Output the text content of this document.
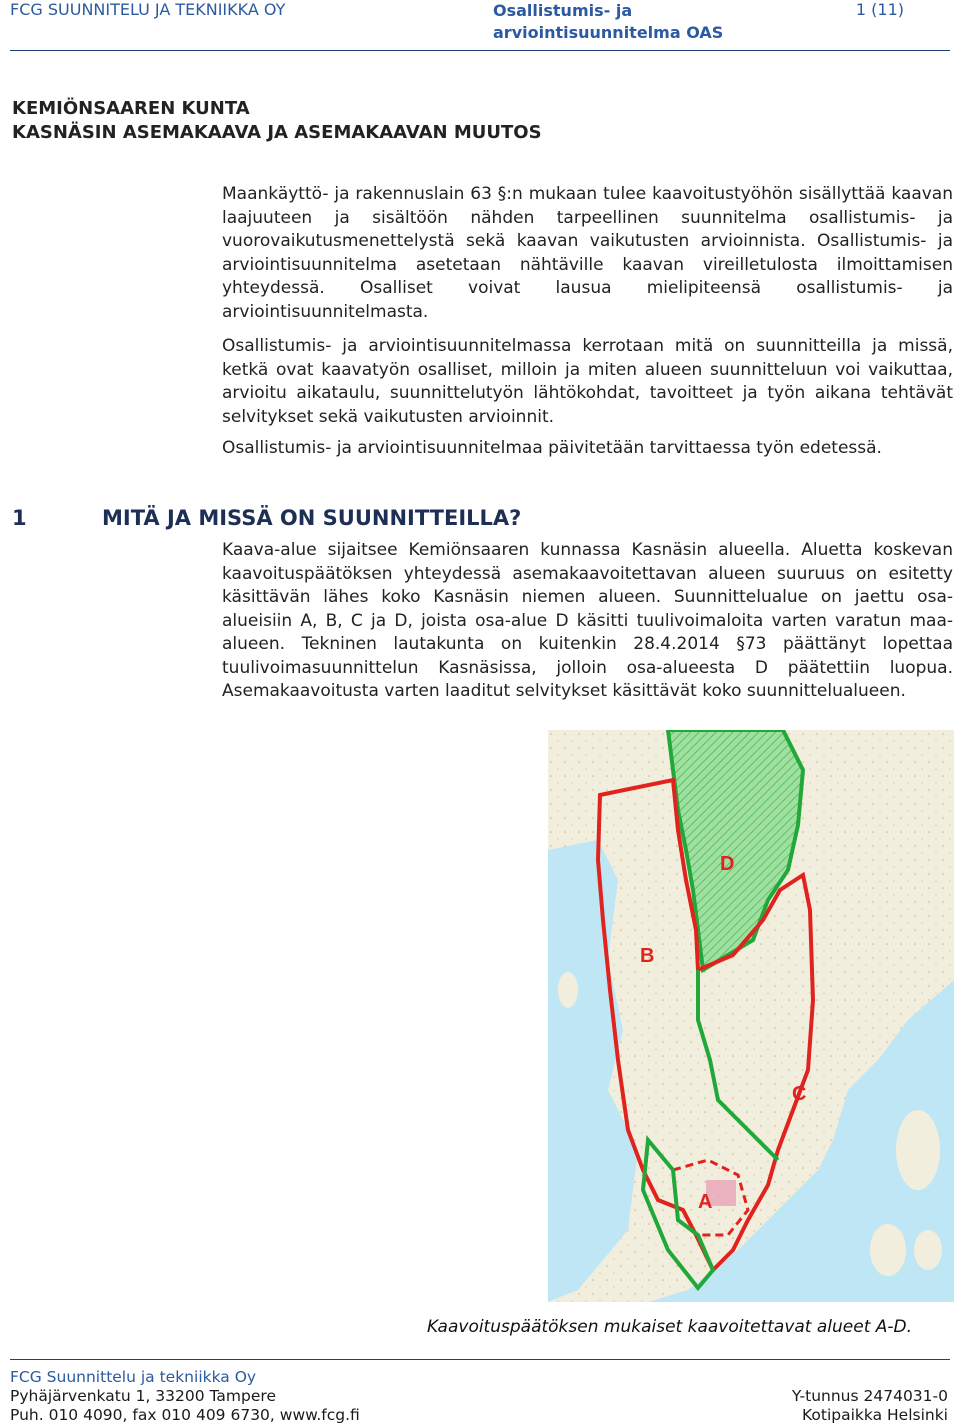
FCG SUUNNITELU JA TEKNIIKKA OY	Osallistumis- ja
arviointisuunnitelma OAS
1 (11)
KEMIÖNSAAREN KUNTA
KASNÄSIN ASEMAKAAVA JA ASEMAKAAVAN MUUTOS
Maankäyttö- ja rakennuslain 63 §:n mukaan tulee kaavoitustyöhön sisällyttää kaavan laajuuteen ja sisältöön nähden tarpeellinen suunnitelma osallistumis- ja vuorovaikutusmenettelystä sekä kaavan vaikutusten arvioinnista. Osallistumis- ja arviointisuunnitelma asetetaan nähtäville kaavan vireilletulosta ilmoittamisen yhteydessä. Osalliset voivat lausua mielipiteensä osallistumis- ja arviointisuunnitelmasta.
Osallistumis- ja arviointisuunnitelmassa kerrotaan mitä on suunnitteilla ja missä, ketkä ovat kaavatyön osalliset, milloin ja miten alueen suunnitteluun voi vaikuttaa, arvioitu aikataulu, suunnittelutyön lähtökohdat, tavoitteet ja työn aikana tehtävät selvitykset sekä vaikutusten arvioinnit.
Osallistumis- ja arviointisuunnitelmaa päivitetään tarvittaessa työn edetessä.
1	MITÄ JA MISSÄ ON SUUNNITTEILLA?
Kaava-alue sijaitsee Kemiönsaaren kunnassa Kasnäsin alueella. Aluetta koskevan kaavoituspäätöksen yhteydessä asemakaavoitettavan alueen suuruus on esitetty käsittävän lähes koko Kasnäsin niemen alueen. Suunnittelualue on jaettu osa-alueisiin A, B, C ja D, joista osa-alue D käsitti tuulivoimaloita varten varatun maa-alueen. Tekninen lautakunta on kuitenkin 28.4.2014 §73 päättänyt lopettaa tuulivoimasuunnittelun Kasnäsissa, jolloin osa-alueesta D päätettiin luopua. Asemakaavoitusta varten laaditut selvitykset käsittävät koko suunnittelualueen.
D
B
C
A
Kaavoituspäätöksen mukaiset kaavoitettavat alueet A-D.
FCG Suunnittelu ja tekniikka Oy
Pyhäjärvenkatu 1, 33200 Tampere
Puh. 010 4090, fax 010 409 6730, www.fcg.fi
Y-tunnus 2474031-0
Kotipaikka Helsinki
